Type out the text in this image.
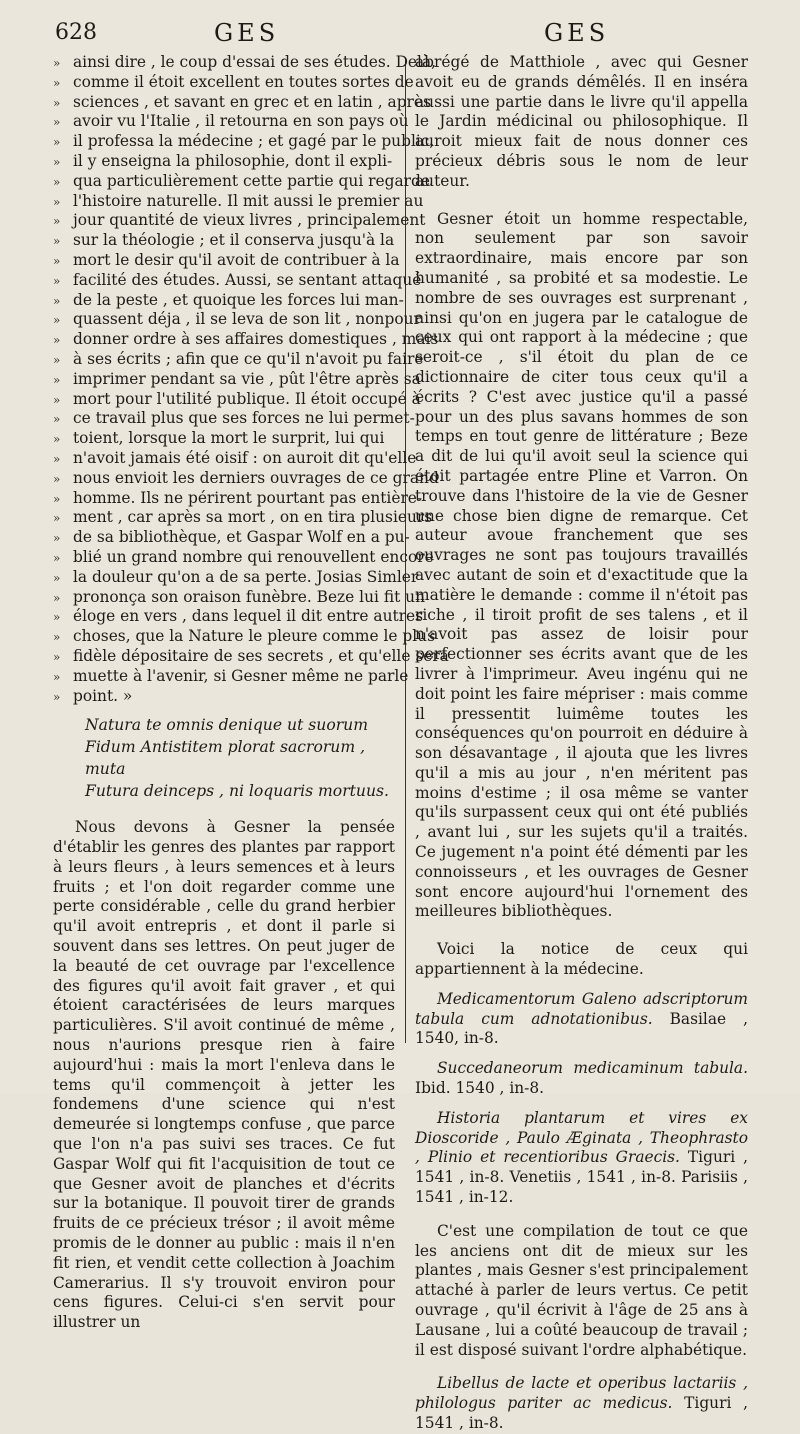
628	GES	GES
» ainsi dire , le coup d'essai de ses études. Delà,
» comme il étoit excellent en toutes sortes de
» sciences , et savant en grec et en latin , après
» avoir vu l'Italie , il retourna en son pays où
» il professa la médecine ; et gagé par le public,
» il y enseigna la philosophie, dont il expli-
» qua particulièrement cette partie qui regarde
» l'histoire naturelle. Il mit aussi le premier au
» jour quantité de vieux livres , principalement
» sur la théologie ; et il conserva jusqu'à la
» mort le desir qu'il avoit de contribuer à la
» facilité des études. Aussi, se sentant attaqué
» de la peste , et quoique les forces lui man-
» quassent déja , il se leva de son lit , nonpour
» donner ordre à ses affaires domestiques , mais
» à ses écrits ; afin que ce qu'il n'avoit pu faire
» imprimer pendant sa vie , pût l'être après sa
» mort pour l'utilité publique. Il étoit occupé à
» ce travail plus que ses forces ne lui permet-
» toient, lorsque la mort le surprit, lui qui
» n'avoit jamais été oisif : on auroit dit qu'elle
» nous envioit les derniers ouvrages de ce grand
» homme. Ils ne périrent pourtant pas entière-
» ment , car après sa mort , on en tira plusieurs
» de sa bibliothèque, et Gaspar Wolf en a pu-
» blié un grand nombre qui renouvellent encore
» la douleur qu'on a de sa perte. Josias Simler
» prononça son oraison funèbre. Beze lui fit un
» éloge en vers , dans lequel il dit entre autres
» choses, que la Nature le pleure comme le plus
» fidèle dépositaire de ses secrets , et qu'elle sera
» muette à l'avenir, si Gesner même ne parle
» point. »
Natura te omnis denique ut suorum
Fidum Antistitem plorat sacrorum , muta
Futura deinceps , ni loquaris mortuus.

Nous devons à Gesner la pensée d'établir les genres des plantes par rapport à leurs fleurs , à leurs semences et à leurs fruits ; et l'on doit regarder comme une perte considérable , celle du grand herbier qu'il avoit entrepris , et dont il parle si souvent dans ses lettres. On peut juger de la beauté de cet ouvrage par l'excellence des figures qu'il avoit fait graver , et qui étoient caractérisées de leurs marques particulières. S'il avoit continué de même , nous n'aurions presque rien à faire aujourd'hui : mais la mort l'enleva dans le tems qu'il commençoit à jetter les fondemens d'une science qui n'est demeurée si longtemps confuse , que parce que l'on n'a pas suivi ses traces. Ce fut Gaspar Wolf qui fit l'acquisition de tout ce que Gesner avoit de planches et d'écrits sur la botanique. Il pouvoit tirer de grands fruits de ce précieux trésor ; il avoit même promis de le donner au public : mais il n'en fit rien, et vendit cette collection à Joachim Camerarius. Il s'y trouvoit environ pour cens figures. Celui-ci s'en servit pour illustrer un

abrégé de Matthiole , avec qui Gesner avoit eu de grands démêlés. Il en inséra aussi une partie dans le livre qu'il appella le Jardin médicinal ou philosophique. Il auroit mieux fait de nous donner ces précieux débris sous le nom de leur auteur.

Gesner étoit un homme respectable, non seulement par son savoir extraordinaire, mais encore par son humanité , sa probité et sa modestie. Le nombre de ses ouvrages est surprenant , ainsi qu'on en jugera par le catalogue de ceux qui ont rapport à la médecine ; que seroit-ce , s'il étoit du plan de ce dictionnaire de citer tous ceux qu'il a écrits ? C'est avec justice qu'il a passé pour un des plus savans hommes de son temps en tout genre de littérature ; Beze a dit de lui qu'il avoit seul la science qui étoit partagée entre Pline et Varron. On trouve dans l'histoire de la vie de Gesner une chose bien digne de remarque. Cet auteur avoue franchement que ses ouvrages ne sont pas toujours travaillés avec autant de soin et d'exactitude que la matière le demande : comme il n'étoit pas riche , il tiroit profit de ses talens , et il n'avoit pas assez de loisir pour perfectionner ses écrits avant que de les livrer à l'imprimeur. Aveu ingénu qui ne doit point les faire mépriser : mais comme il pressentit luimême toutes les conséquences qu'on pourroit en déduire à son désavantage , il ajouta que les livres qu'il a mis au jour , n'en méritent pas moins d'estime ; il osa même se vanter qu'ils surpassent ceux qui ont été publiés , avant lui , sur les sujets qu'il a traités. Ce jugement n'a point été démenti par les connoisseurs , et les ouvrages de Gesner sont encore aujourd'hui l'ornement des meilleures bibliothèques.

Voici la notice de ceux qui appartiennent à la médecine.

Medicamentorum Galeno adscriptorum tabula cum adnotationibus. Basilae , 1540, in-8.

Succedaneorum medicaminum tabula. Ibid. 1540 , in-8.

Historia plantarum et vires ex Dioscoride , Paulo Æginata , Theophrasto , Plinio et recentioribus Graecis. Tiguri , 1541 , in-8. Venetiis , 1541 , in-8. Parisiis , 1541 , in-12.

C'est une compilation de tout ce que les anciens ont dit de mieux sur les plantes , mais Gesner s'est principalement attaché à parler de leurs vertus. Ce petit ouvrage , qu'il écrivit à l'âge de 25 ans à Lausane , lui a coûté beaucoup de travail ; il est disposé suivant l'ordre alphabétique.

Libellus de lacte et operibus lactariis , philologus pariter ac medicus. Tiguri , 1541 , in-8.
